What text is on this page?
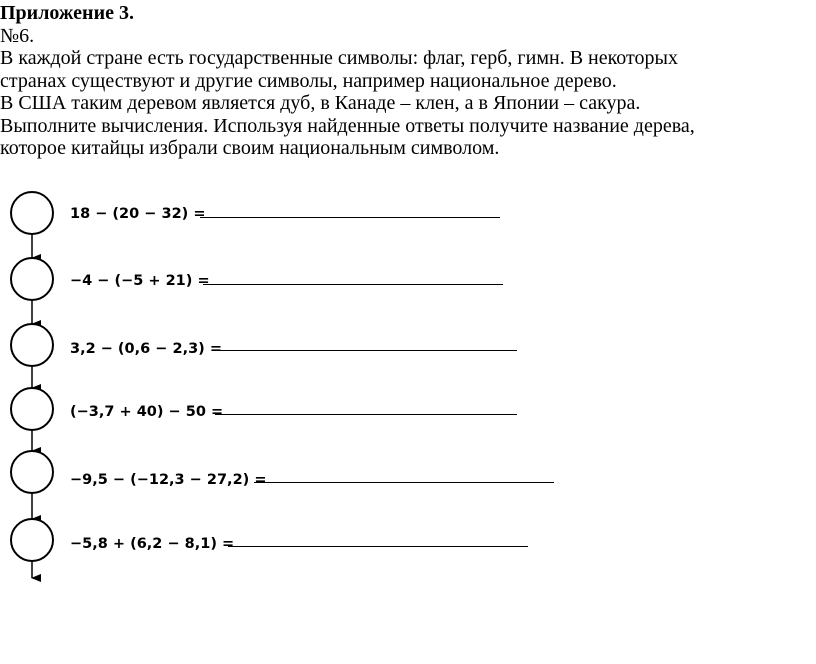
Приложение 3.
№6.
В каждой стране есть государственные символы: флаг, герб, гимн. В некоторых
странах существуют и другие символы, например национальное дерево.
В США таким деревом является дуб, в Канаде – клен, а в Японии – сакура.
Выполните вычисления. Используя найденные ответы получите название дерева,
которое китайцы избрали своим национальным символом.
18 − (20 − 32) =
−4 − (−5 + 21) =
3,2 − (0,6 − 2,3) =
(−3,7 + 40) − 50 =
−9,5 − (−12,3 − 27,2) =
−5,8 + (6,2 − 8,1) =
